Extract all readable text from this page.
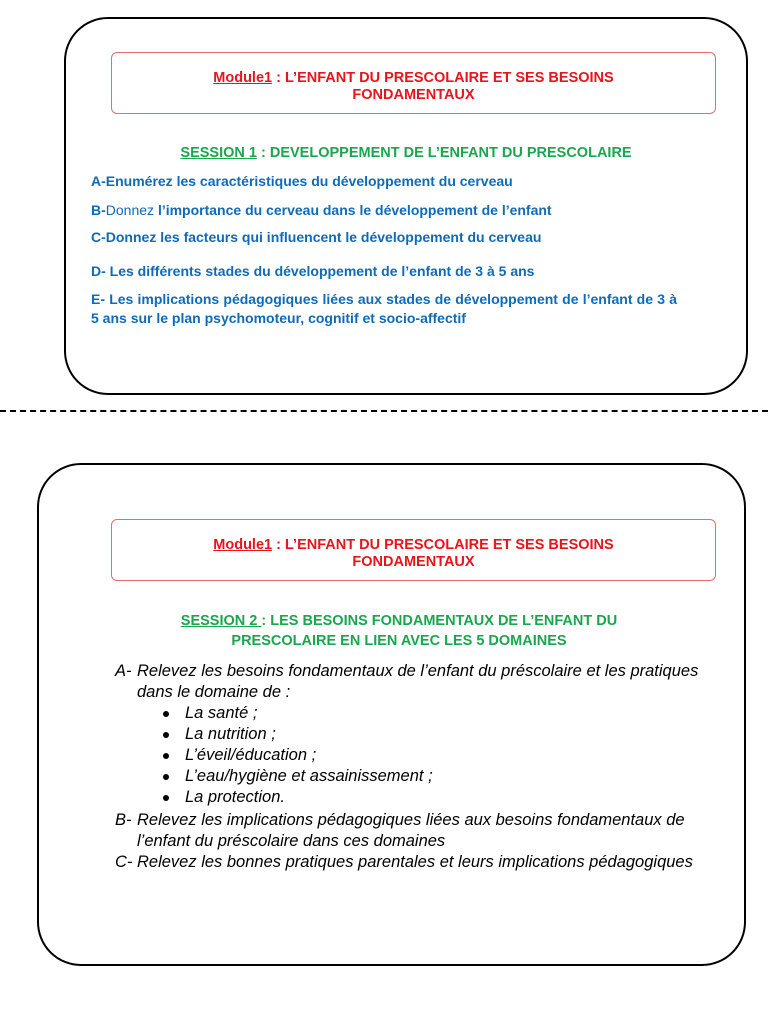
Module1 : L’ENFANT DU PRESCOLAIRE ET SES BESOINS
FONDAMENTAUX
SESSION 1 : DEVELOPPEMENT DE L’ENFANT DU PRESCOLAIRE
A-Enumérez les caractéristiques du développement du cerveau
B-Donnez l’importance du cerveau dans le développement de l’enfant
C-Donnez les facteurs qui influencent le développement du cerveau
D- Les différents stades du développement de l’enfant de 3 à 5 ans
E- Les implications pédagogiques liées aux stades de développement de l’enfant de 3 à 5 ans sur le plan psychomoteur, cognitif et socio-affectif
Module1 : L’ENFANT DU PRESCOLAIRE ET SES BESOINS
FONDAMENTAUX
SESSION 2 : LES BESOINS FONDAMENTAUX DE L’ENFANT DU
PRESCOLAIRE EN LIEN AVEC LES 5 DOMAINES
A- Relevez les besoins fondamentaux de l’enfant du préscolaire et les pratiques dans le domaine de :
La santé ;
La nutrition ;
L’éveil/éducation ;
L’eau/hygiène et assainissement ;
La protection.
B- Relevez les implications pédagogiques liées aux besoins fondamentaux de l’enfant du préscolaire dans ces domaines
C- Relevez les bonnes pratiques parentales et leurs implications pédagogiques
